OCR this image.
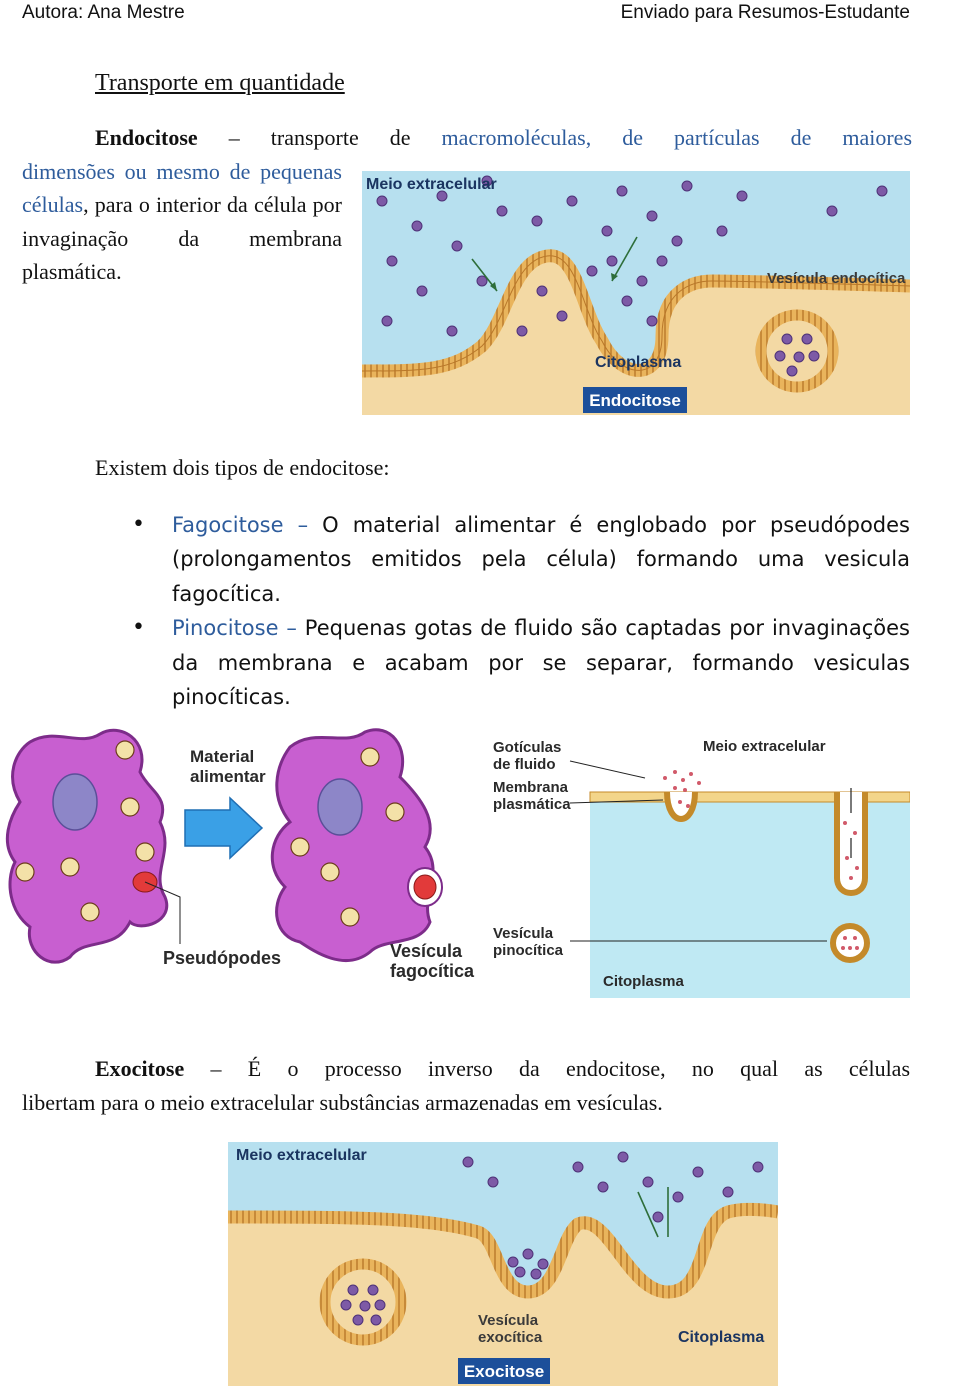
Autora: Ana Mestre	Enviado para Resumos-Estudante
Transporte em quantidade
Endocitose – transporte de macromoléculas, de partículas de maiores
dimensões ou mesmo de pequenas células, para o interior da célula por invaginação da membrana plasmática.
Meio extracelular
Vesícula endocítica
Citoplasma
Endocitose
Existem dois tipos de endocitose:
• Fagocitose – O material alimentar é englobado por pseudópodes (prolongamentos emitidos pela célula) formando uma vesicula fagocítica.
• Pinocitose – Pequenas gotas de fluido são captadas por invaginações da membrana e acabam por se separar, formando vesiculas pinocíticas.
Material
alimentar
Pseudópodes	Vesícula
fagocítica
Gotículas
de fluido
Membrana
plasmática
Meio extracelular
Vesícula
pinocítica
Citoplasma
Exocitose – É o processo inverso da endocitose, no qual as células
libertam para o meio extracelular substâncias armazenadas em vesículas.
Meio extracelular
Vesícula
exocítica	Citoplasma
Exocitose
